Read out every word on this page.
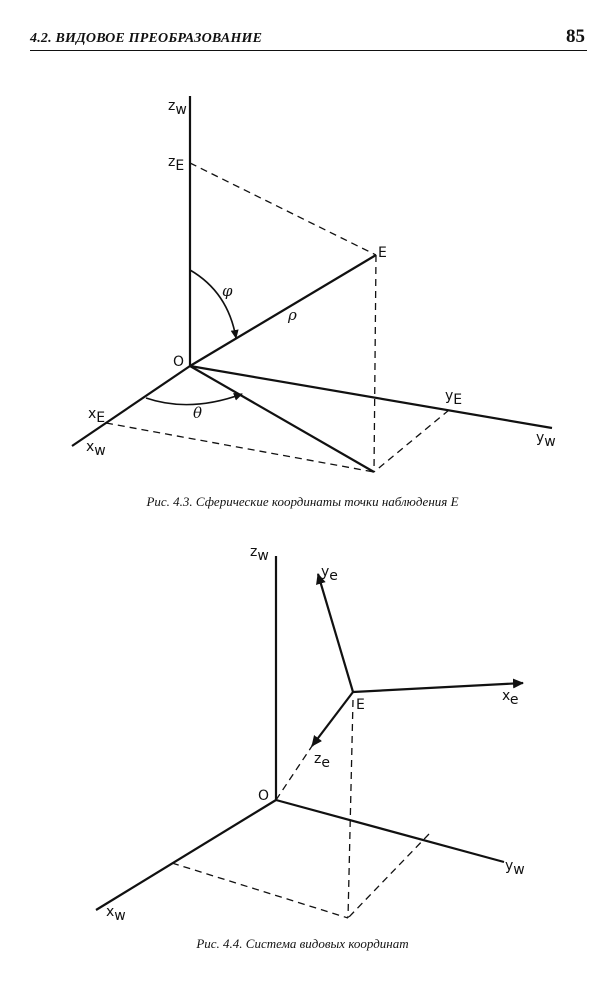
4.2. ВИДОВОЕ ПРЕОБРАЗОВАНИЕ	85
zw
zE
E
φ
ρ
O
xE	θ
xw
yE
yw
Рис. 4.3. Сферические координаты точки наблюдения E
zw
ye
E
xe
ze
O
yw
xw
Рис. 4.4. Система видовых координат
